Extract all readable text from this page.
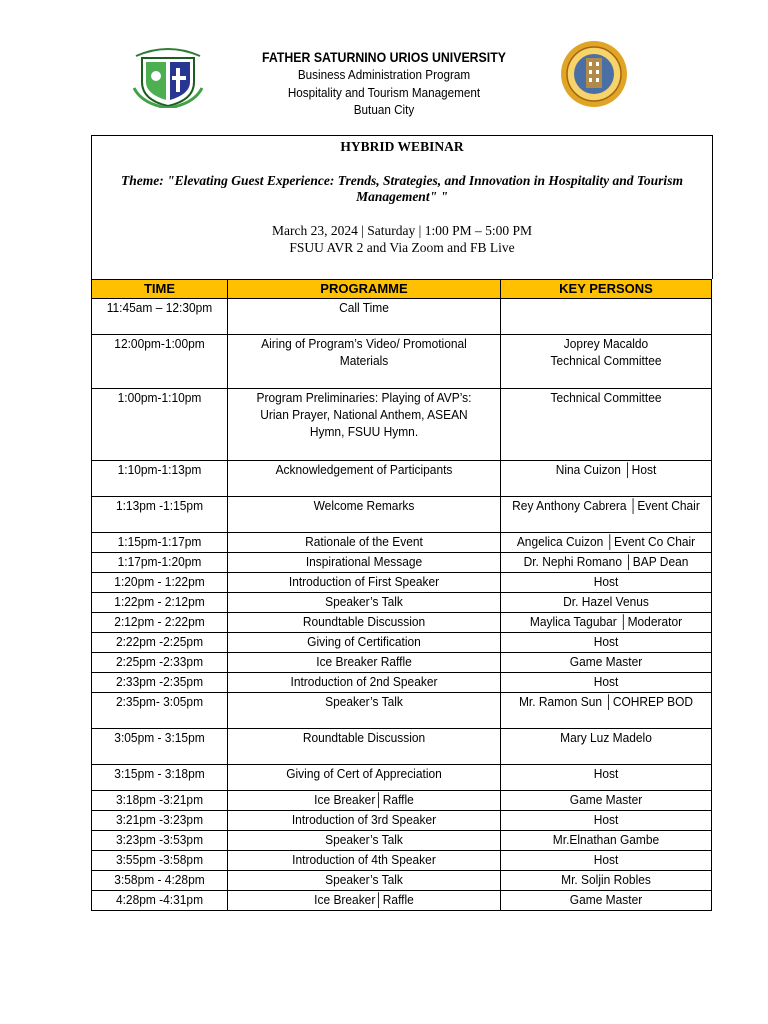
FATHER SATURNINO URIOS UNIVERSITY
Business Administration Program
Hospitality and Tourism Management
Butuan City
HYBRID WEBINAR
Theme: "Elevating Guest Experience: Trends, Strategies, and Innovation in Hospitality and Tourism Management" "
March 23, 2024 | Saturday | 1:00 PM – 5:00 PM
FSUU AVR 2 and Via Zoom and FB Live
TIME	PROGRAMME	KEY PERSONS

11:45am – 12:30pm	Call Time	

12:00pm-1:00pm	Airing of Program’s Video/ Promotional Materials	Joprey Macaldo
Technical Committee

1:00pm-1:10pm	Program Preliminaries: Playing of AVP’s: Urian Prayer, National Anthem, ASEAN Hymn, FSUU Hymn.	Technical Committee

1:10pm-1:13pm	Acknowledgement of Participants	Nina Cuizon │Host

1:13pm -1:15pm	Welcome Remarks	Rey Anthony Cabrera │Event Chair

1:15pm-1:17pm	Rationale of the Event	Angelica Cuizon │Event Co Chair

1:17pm-1:20pm	Inspirational Message	Dr. Nephi Romano │BAP Dean

1:20pm - 1:22pm	Introduction of First Speaker	Host

1:22pm - 2:12pm	Speaker’s Talk	Dr. Hazel Venus

2:12pm - 2:22pm	Roundtable Discussion	Maylica Tagubar │Moderator

2:22pm -2:25pm	Giving of Certification	Host

2:25pm -2:33pm	Ice Breaker Raffle	Game Master

2:33pm -2:35pm	Introduction of 2nd Speaker	Host

2:35pm- 3:05pm	Speaker’s Talk	Mr. Ramon Sun │COHREP BOD

3:05pm - 3:15pm	Roundtable Discussion	Mary Luz Madelo

3:15pm - 3:18pm	Giving of Cert of Appreciation	Host

3:18pm -3:21pm	Ice Breaker│Raffle	Game Master

3:21pm -3:23pm	Introduction of 3rd Speaker	Host

3:23pm -3:53pm	Speaker’s Talk	Mr.Elnathan Gambe

3:55pm -3:58pm	Introduction of 4th Speaker	Host

3:58pm - 4:28pm	Speaker’s Talk	Mr. Soljin Robles

4:28pm -4:31pm	Ice Breaker│Raffle	Game Master
